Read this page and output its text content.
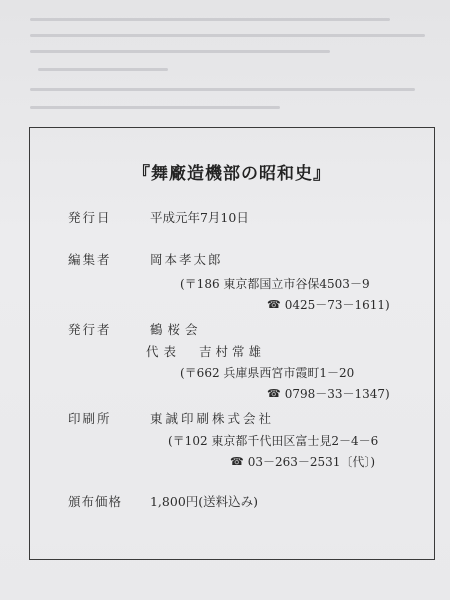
『舞廠造機部の昭和史』
発行日	平成元年7月10日
編集者	岡本孝太郎
(〒186 東京都国立市谷保4503－9
☎ 0425－73－1611)
発行者	鶴桜会
代表 吉村常雄
(〒662 兵庫県西宮市霞町1－20
☎ 0798－33－1347)
印刷所	東誠印刷株式会社
(〒102 東京都千代田区富士見2－4－6
☎ 03－263－2531〔代〕)
頒布価格 1,800円(送料込み)
